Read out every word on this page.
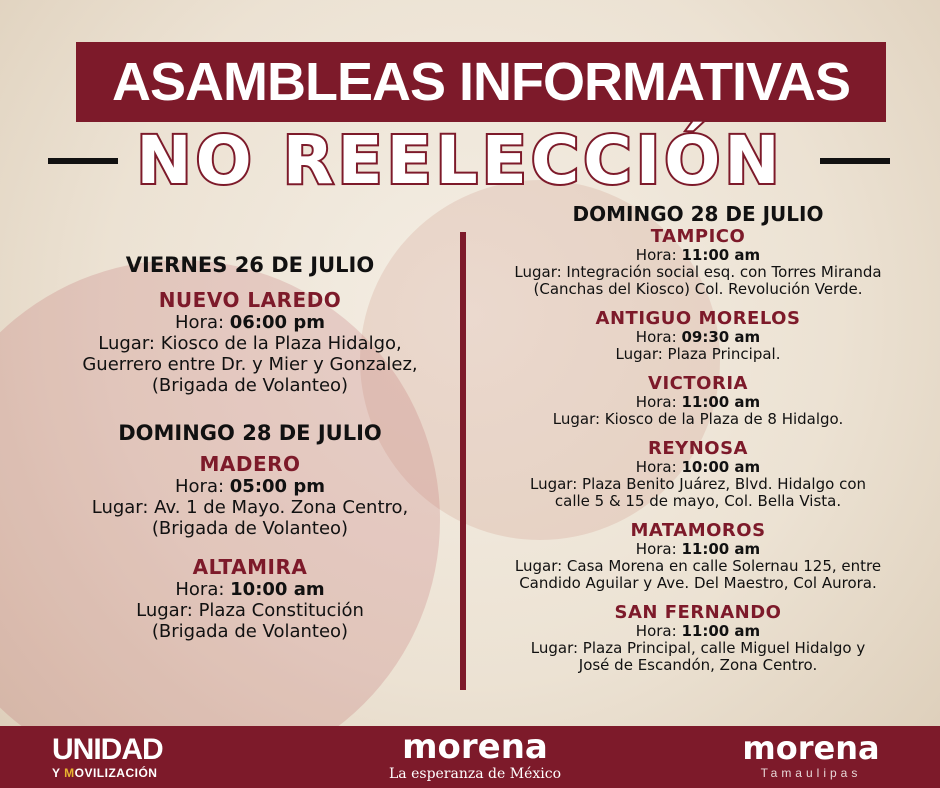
ASAMBLEAS INFORMATIVAS
NO REELECCIÓN
VIERNES 26 DE JULIO
NUEVO LAREDO
Hora: 06:00 pm
Lugar: Kiosco de la Plaza Hidalgo,
Guerrero entre Dr. y Mier y Gonzalez,
(Brigada de Volanteo)
DOMINGO 28 DE JULIO
MADERO
Hora: 05:00 pm
Lugar: Av. 1 de Mayo. Zona Centro,
(Brigada de Volanteo)
ALTAMIRA
Hora: 10:00 am
Lugar: Plaza Constitución
(Brigada de Volanteo)
DOMINGO 28 DE JULIO
TAMPICO
Hora: 11:00 am
Lugar: Integración social esq. con Torres Miranda
(Canchas del Kiosco) Col. Revolución Verde.
ANTIGUO MORELOS
Hora: 09:30 am
Lugar: Plaza Principal.
VICTORIA
Hora: 11:00 am
Lugar: Kiosco de la Plaza de 8 Hidalgo.
REYNOSA
Hora: 10:00 am
Lugar: Plaza Benito Juárez, Blvd. Hidalgo con
calle 5 & 15 de mayo, Col. Bella Vista.
MATAMOROS
Hora: 11:00 am
Lugar: Casa Morena en calle Solernau 125, entre
Candido Aguilar y Ave. Del Maestro, Col Aurora.
SAN FERNANDO
Hora: 11:00 am
Lugar: Plaza Principal, calle Miguel Hidalgo y
José de Escandón, Zona Centro.
UNIDAD
Y MOVILIZACIÓN
morena
La esperanza de México
morena
Tamaulipas
